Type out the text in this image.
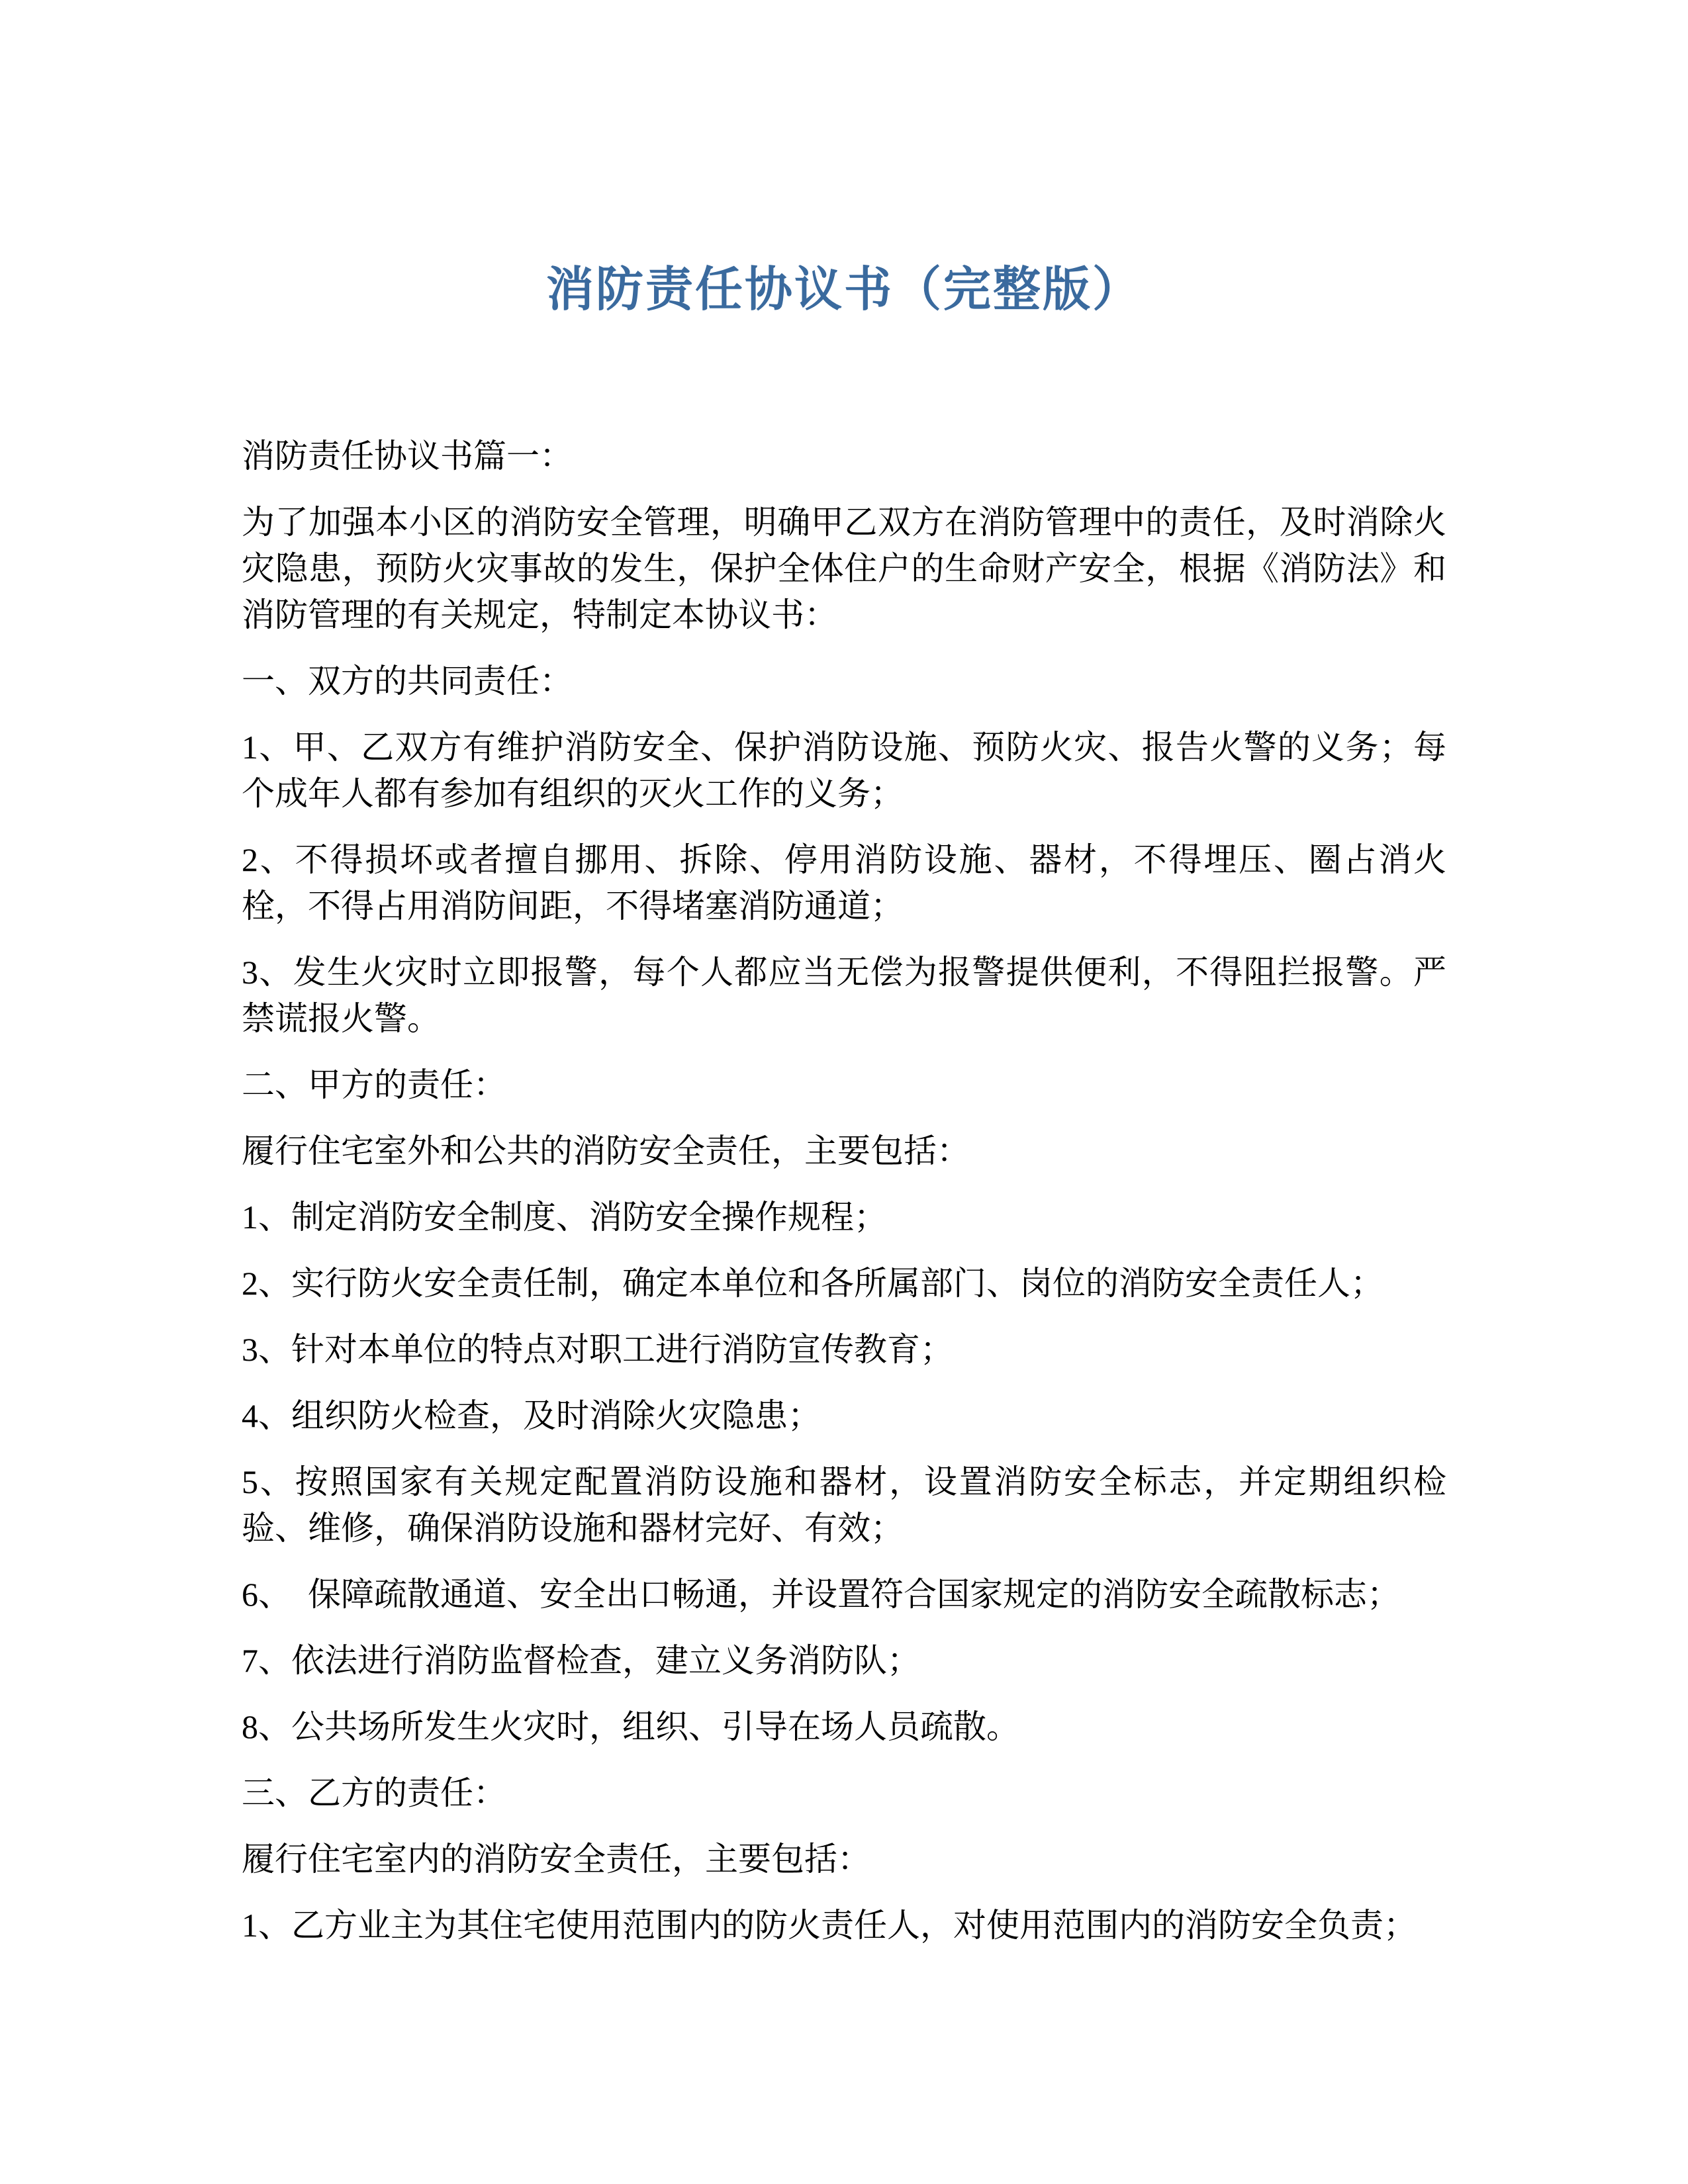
消防责任协议书（完整版）

消防责任协议书篇一：

为了加强本小区的消防安全管理，明确甲乙双方在消防管理中的责任，及时消除火灾隐患，预防火灾事故的发生，保护全体住户的生命财产安全，根据《消防法》和消防管理的有关规定，特制定本协议书：

一、双方的共同责任：

1、甲、乙双方有维护消防安全、保护消防设施、预防火灾、报告火警的义务；每个成年人都有参加有组织的灭火工作的义务；

2、不得损坏或者擅自挪用、拆除、停用消防设施、器材，不得埋压、圈占消火栓，不得占用消防间距，不得堵塞消防通道；

3、发生火灾时立即报警，每个人都应当无偿为报警提供便利，不得阻拦报警。严禁谎报火警。

二、甲方的责任：

履行住宅室外和公共的消防安全责任，主要包括：

1、制定消防安全制度、消防安全操作规程；

2、实行防火安全责任制，确定本单位和各所属部门、岗位的消防安全责任人；

3、针对本单位的特点对职工进行消防宣传教育；

4、组织防火检查，及时消除火灾隐患；

5、按照国家有关规定配置消防设施和器材，设置消防安全标志，并定期组织检验、维修，确保消防设施和器材完好、有效；

6、　保障疏散通道、安全出口畅通，并设置符合国家规定的消防安全疏散标志；

7、依法进行消防监督检查，建立义务消防队；

8、公共场所发生火灾时，组织、引导在场人员疏散。

三、乙方的责任：

履行住宅室内的消防安全责任，主要包括：

1、乙方业主为其住宅使用范围内的防火责任人，对使用范围内的消防安全负责；
